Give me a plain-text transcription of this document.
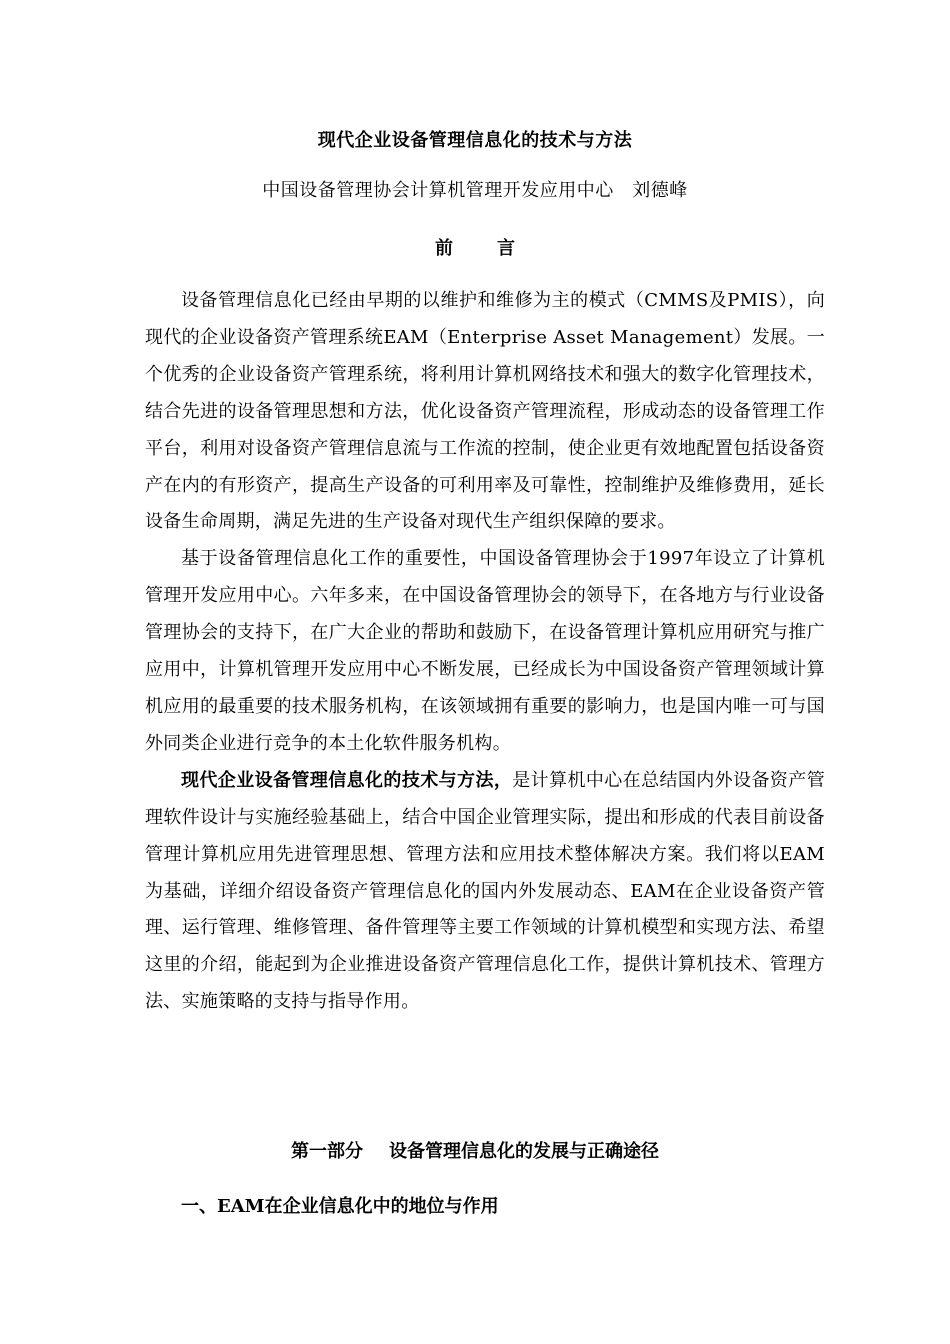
现代企业设备管理信息化的技术与方法
中国设备管理协会计算机管理开发应用中心　刘德峰
前 言

设备管理信息化已经由早期的以维护和维修为主的模式（CMMS及PMIS），向现代的企业设备资产管理系统EAM（Enterprise Asset Management）发展。一个优秀的企业设备资产管理系统，将利用计算机网络技术和强大的数字化管理技术，结合先进的设备管理思想和方法，优化设备资产管理流程，形成动态的设备管理工作平台，利用对设备资产管理信息流与工作流的控制，使企业更有效地配置包括设备资产在内的有形资产，提高生产设备的可利用率及可靠性，控制维护及维修费用，延长设备生命周期，满足先进的生产设备对现代生产组织保障的要求。

基于设备管理信息化工作的重要性，中国设备管理协会于1997年设立了计算机管理开发应用中心。六年多来，在中国设备管理协会的领导下，在各地方与行业设备管理协会的支持下，在广大企业的帮助和鼓励下，在设备管理计算机应用研究与推广应用中，计算机管理开发应用中心不断发展，已经成长为中国设备资产管理领域计算机应用的最重要的技术服务机构，在该领域拥有重要的影响力，也是国内唯一可与国外同类企业进行竞争的本土化软件服务机构。

现代企业设备管理信息化的技术与方法，是计算机中心在总结国内外设备资产管理软件设计与实施经验基础上，结合中国企业管理实际，提出和形成的代表目前设备管理计算机应用先进管理思想、管理方法和应用技术整体解决方案。我们将以EAM为基础，详细介绍设备资产管理信息化的国内外发展动态、EAM在企业设备资产管理、运行管理、维修管理、备件管理等主要工作领域的计算机模型和实现方法、希望这里的介绍，能起到为企业推进设备资产管理信息化工作，提供计算机技术、管理方法、实施策略的支持与指导作用。

第一部分 设备管理信息化的发展与正确途径
一、EAM在企业信息化中的地位与作用
